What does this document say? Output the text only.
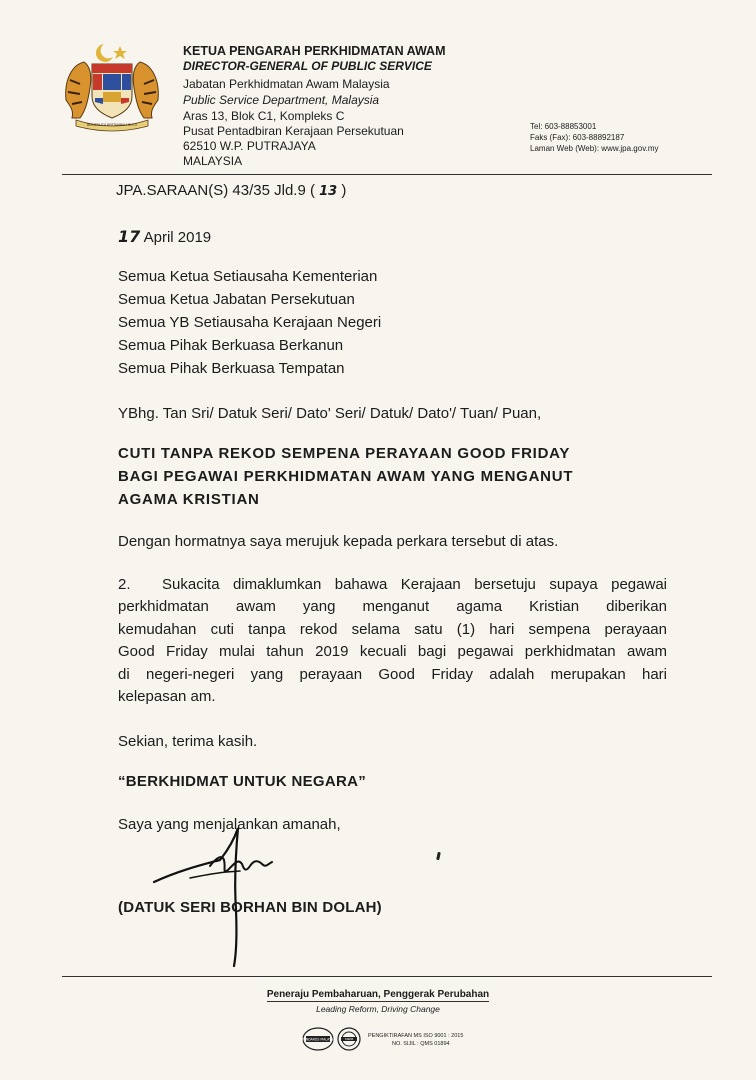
BERSEKUTU BERTAMBAH MUTU
KETUA PENGARAH PERKHIDMATAN AWAM
DIRECTOR-GENERAL OF PUBLIC SERVICE
Jabatan Perkhidmatan Awam Malaysia
Public Service Department, Malaysia
Aras 13, Blok C1, Kompleks C
Pusat Pentadbiran Kerajaan Persekutuan
62510 W.P. PUTRAJAYA
MALAYSIA
Tel: 603-88853001
Faks (Fax): 603-88892187
Laman Web (Web): www.jpa.gov.my
JPA.SARAAN(S) 43/35 Jld.9 ( 13 )
17 April 2019
Semua Ketua Setiausaha Kementerian
Semua Ketua Jabatan Persekutuan
Semua YB Setiausaha Kerajaan Negeri
Semua Pihak Berkuasa Berkanun
Semua Pihak Berkuasa Tempatan
YBhg. Tan Sri/ Datuk Seri/ Dato' Seri/ Datuk/ Dato'/ Tuan/ Puan,
CUTI TANPA REKOD SEMPENA PERAYAAN GOOD FRIDAY
BAGI PEGAWAI PERKHIDMATAN AWAM YANG MENGANUT
AGAMA KRISTIAN
Dengan hormatnya saya merujuk kepada perkara tersebut di atas.
2. Sukacita dimaklumkan bahawa Kerajaan bersetuju supaya pegawai
perkhidmatan awam yang menganut agama Kristian diberikan
kemudahan cuti tanpa rekod selama satu (1) hari sempena perayaan
Good Friday mulai tahun 2019 kecuali bagi pegawai perkhidmatan awam
di negeri-negeri yang perayaan Good Friday adalah merupakan hari
kelepasan am.
Sekian, terima kasih.
“BERKHIDMAT UNTUK NEGARA”
Saya yang menjalankan amanah,
(DATUK SERI BORHAN BIN DOLAH)
Peneraju Pembaharuan, Penggerak Perubahan
Leading Reform, Driving Change
STANDARDS MALAYSIA	SIRIM
PENGIKTIRAFAN MS ISO 9001 : 2015
NO. SIJIL : QMS 01894
